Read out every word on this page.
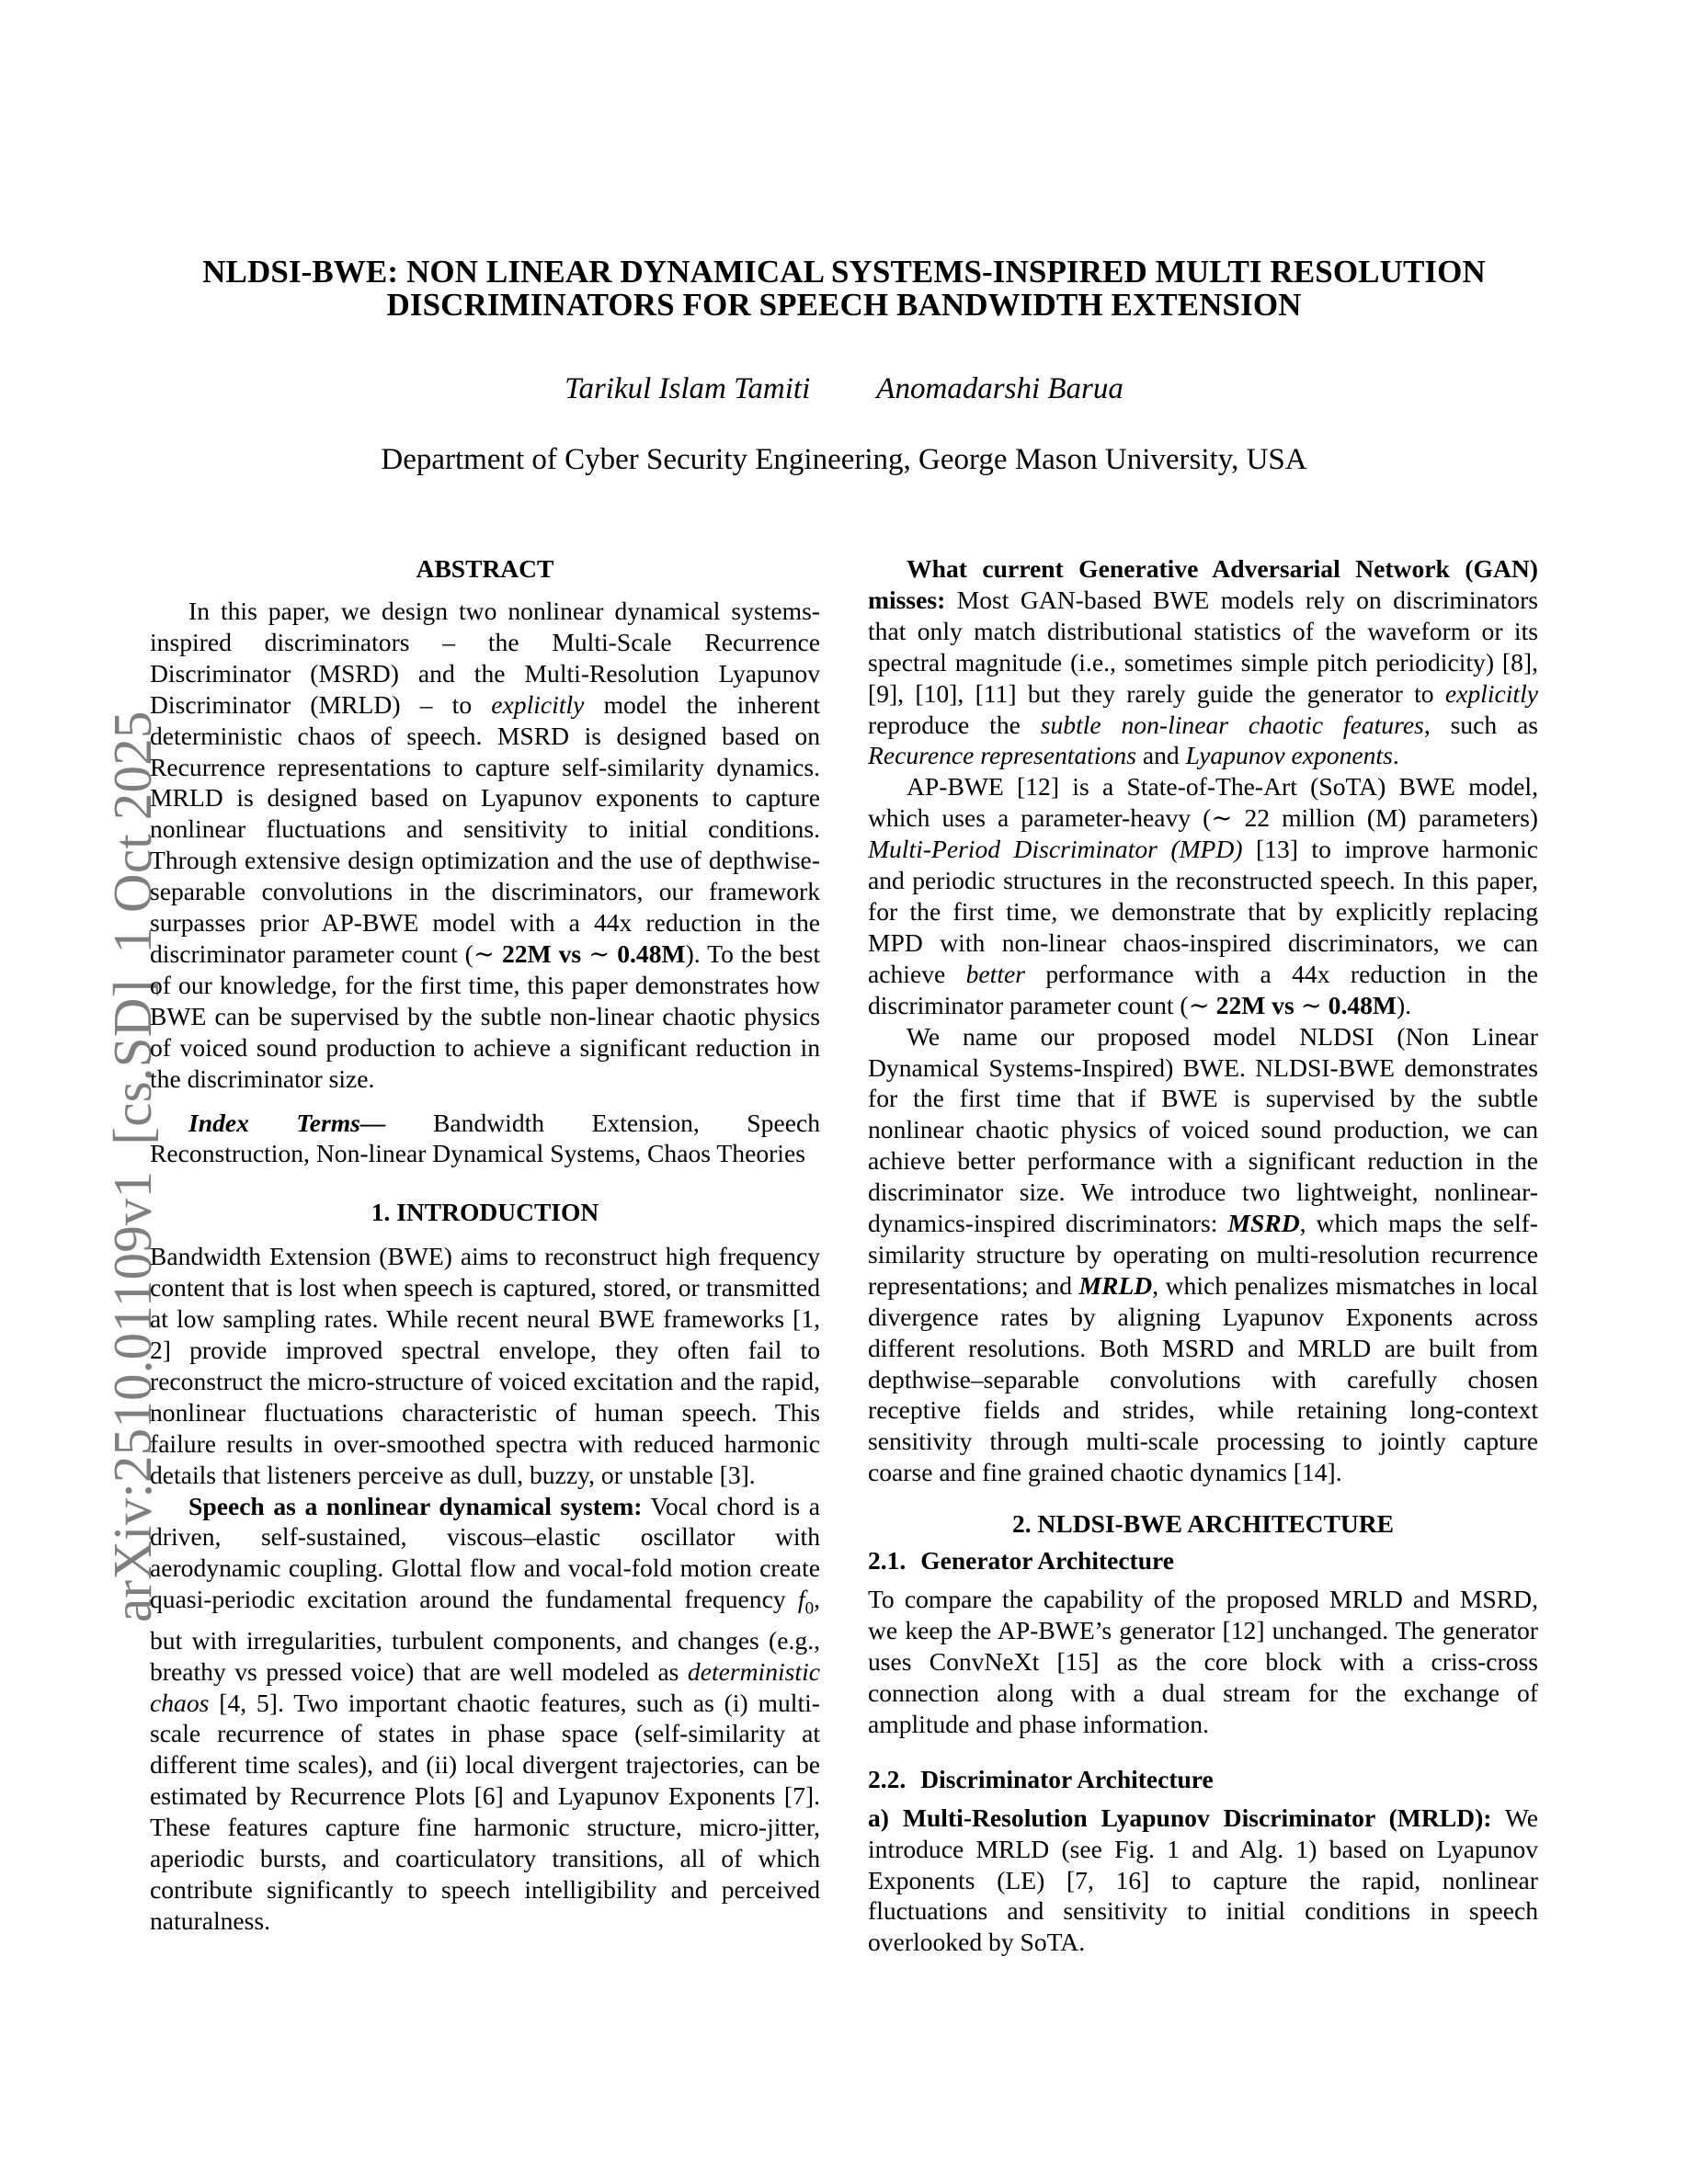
arXiv:2510.01109v1[cs.SD]1 Oct 2025
NLDSI-BWE: NON LINEAR DYNAMICAL SYSTEMS-INSPIRED MULTI RESOLUTION
DISCRIMINATORS FOR SPEECH BANDWIDTH EXTENSION
Tarikul Islam Tamiti Anomadarshi Barua
Department of Cyber Security Engineering, George Mason University, USA
ABSTRACT

In this paper, we design two nonlinear dynamical systems-inspired discriminators – the Multi-Scale Recurrence Discriminator (MSRD) and the Multi-Resolution Lyapunov Discriminator (MRLD) – to explicitly model the inherent deterministic chaos of speech. MSRD is designed based on Recurrence representations to capture self-similarity dynamics. MRLD is designed based on Lyapunov exponents to capture nonlinear fluctuations and sensitivity to initial conditions. Through extensive design optimization and the use of depthwise-separable convolutions in the discriminators, our framework surpasses prior AP-BWE model with a 44x reduction in the discriminator parameter count (∼ 22M vs ∼ 0.48M). To the best of our knowledge, for the first time, this paper demonstrates how BWE can be supervised by the subtle non-linear chaotic physics of voiced sound production to achieve a significant reduction in the discriminator size.

Index Terms— Bandwidth Extension, Speech Reconstruction, Non-linear Dynamical Systems, Chaos Theories

1. INTRODUCTION

Bandwidth Extension (BWE) aims to reconstruct high frequency content that is lost when speech is captured, stored, or transmitted at low sampling rates. While recent neural BWE frameworks [1, 2] provide improved spectral envelope, they often fail to reconstruct the micro-structure of voiced excitation and the rapid, nonlinear fluctuations characteristic of human speech. This failure results in over-smoothed spectra with reduced harmonic details that listeners perceive as dull, buzzy, or unstable [3].

Speech as a nonlinear dynamical system: Vocal chord is a driven, self-sustained, viscous–elastic oscillator with aerodynamic coupling. Glottal flow and vocal-fold motion create quasi-periodic excitation around the fundamental frequency $f_0$, but with irregularities, turbulent components, and changes (e.g., breathy vs pressed voice) that are well modeled as deterministic chaos [4, 5]. Two important chaotic features, such as (i) multi-scale recurrence of states in phase space (self-similarity at different time scales), and (ii) local divergent trajectories, can be estimated by Recurrence Plots [6] and Lyapunov Exponents [7]. These features capture fine harmonic structure, micro-jitter, aperiodic bursts, and coarticulatory transitions, all of which contribute significantly to speech intelligibility and perceived naturalness.

What current Generative Adversarial Network (GAN) misses: Most GAN-based BWE models rely on discriminators that only match distributional statistics of the waveform or its spectral magnitude (i.e., sometimes simple pitch periodicity) [8], [9], [10], [11] but they rarely guide the generator to explicitly reproduce the subtle non-linear chaotic features, such as Recurence representations and Lyapunov exponents.

AP-BWE [12] is a State-of-The-Art (SoTA) BWE model, which uses a parameter-heavy (∼ 22 million (M) parameters) Multi-Period Discriminator (MPD) [13] to improve harmonic and periodic structures in the reconstructed speech. In this paper, for the first time, we demonstrate that by explicitly replacing MPD with non-linear chaos-inspired discriminators, we can achieve better performance with a 44x reduction in the discriminator parameter count (∼ 22M vs ∼ 0.48M).

We name our proposed model NLDSI (Non Linear Dynamical Systems-Inspired) BWE. NLDSI-BWE demonstrates for the first time that if BWE is supervised by the subtle nonlinear chaotic physics of voiced sound production, we can achieve better performance with a significant reduction in the discriminator size. We introduce two lightweight, nonlinear-dynamics-inspired discriminators: MSRD, which maps the self-similarity structure by operating on multi-resolution recurrence representations; and MRLD, which penalizes mismatches in local divergence rates by aligning Lyapunov Exponents across different resolutions. Both MSRD and MRLD are built from depthwise–separable convolutions with carefully chosen receptive fields and strides, while retaining long-context sensitivity through multi-scale processing to jointly capture coarse and fine grained chaotic dynamics [14].

2. NLDSI-BWE ARCHITECTURE
2.1. Generator Architecture

To compare the capability of the proposed MRLD and MSRD, we keep the AP-BWE’s generator [12] unchanged. The generator uses ConvNeXt [15] as the core block with a criss-cross connection along with a dual stream for the exchange of amplitude and phase information.

2.2. Discriminator Architecture

a) Multi-Resolution Lyapunov Discriminator (MRLD): We introduce MRLD (see Fig. 1 and Alg. 1) based on Lyapunov Exponents (LE) [7, 16] to capture the rapid, nonlinear fluctuations and sensitivity to initial conditions in speech overlooked by SoTA.
